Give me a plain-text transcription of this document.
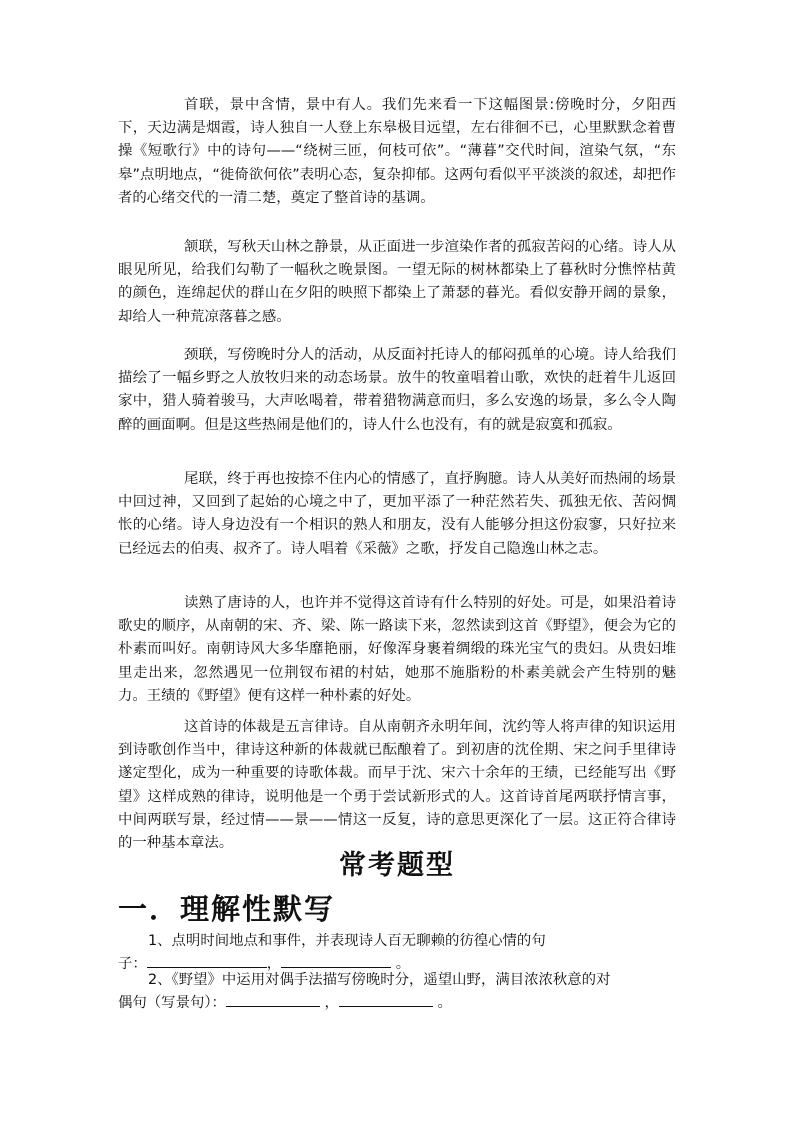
首联，景中含情，景中有人。我们先来看一下这幅图景:傍晚时分，夕阳西下，天边满是烟霞，诗人独自一人登上东皋极目远望，左右徘徊不已，心里默默念着曹操《短歌行》中的诗句——“绕树三匝，何枝可依”。“薄暮”交代时间，渲染气氛，“东皋”点明地点，“徙倚欲何依”表明心态，复杂抑郁。这两句看似平平淡淡的叙述，却把作者的心绪交代的一清二楚，奠定了整首诗的基调。

颔联，写秋天山林之静景，从正面进一步渲染作者的孤寂苦闷的心绪。诗人从眼见所见，给我们勾勒了一幅秋之晚景图。一望无际的树林都染上了暮秋时分憔悴枯黄的颜色，连绵起伏的群山在夕阳的映照下都染上了萧瑟的暮光。看似安静开阔的景象，却给人一种荒凉落暮之感。

颈联，写傍晚时分人的活动，从反面衬托诗人的郁闷孤单的心境。诗人给我们描绘了一幅乡野之人放牧归来的动态场景。放牛的牧童唱着山歌，欢快的赶着牛儿返回家中，猎人骑着骏马，大声吆喝着，带着猎物满意而归，多么安逸的场景，多么令人陶醉的画面啊。但是这些热闹是他们的，诗人什么也没有，有的就是寂寞和孤寂。

尾联，终于再也按捺不住内心的情感了，直抒胸臆。诗人从美好而热闹的场景中回过神，又回到了起始的心境之中了，更加平添了一种茫然若失、孤独无依、苦闷惆怅的心绪。诗人身边没有一个相识的熟人和朋友，没有人能够分担这份寂寥，只好拉来已经远去的伯夷、叔齐了。诗人唱着《采薇》之歌，抒发自己隐逸山林之志。

读熟了唐诗的人，也许并不觉得这首诗有什么特别的好处。可是，如果沿着诗歌史的顺序，从南朝的宋、齐、梁、陈一路读下来，忽然读到这首《野望》，便会为它的朴素而叫好。南朝诗风大多华靡艳丽，好像浑身裹着绸缎的珠光宝气的贵妇。从贵妇堆里走出来，忽然遇见一位荆钗布裙的村姑，她那不施脂粉的朴素美就会产生特别的魅力。王绩的《野望》便有这样一种朴素的好处。

这首诗的体裁是五言律诗。自从南朝齐永明年间，沈约等人将声律的知识运用到诗歌创作当中，律诗这种新的体裁就已酝酿着了。到初唐的沈佺期、宋之问手里律诗遂定型化，成为一种重要的诗歌体裁。而早于沈、宋六十余年的王绩，已经能写出《野望》这样成熟的律诗，说明他是一个勇于尝试新形式的人。这首诗首尾两联抒情言事，中间两联写景，经过情——景——情这一反复，诗的意思更深化了一层。这正符合律诗的一种基本章法。

常考题型
一．理解性默写
1、点明时间地点和事件，并表现诗人百无聊赖的彷徨心情的句
子：	，	。
2、《野望》中运用对偶手法描写傍晚时分，遥望山野，满目浓浓秋意的对
偶句（写景句）：	，	。
